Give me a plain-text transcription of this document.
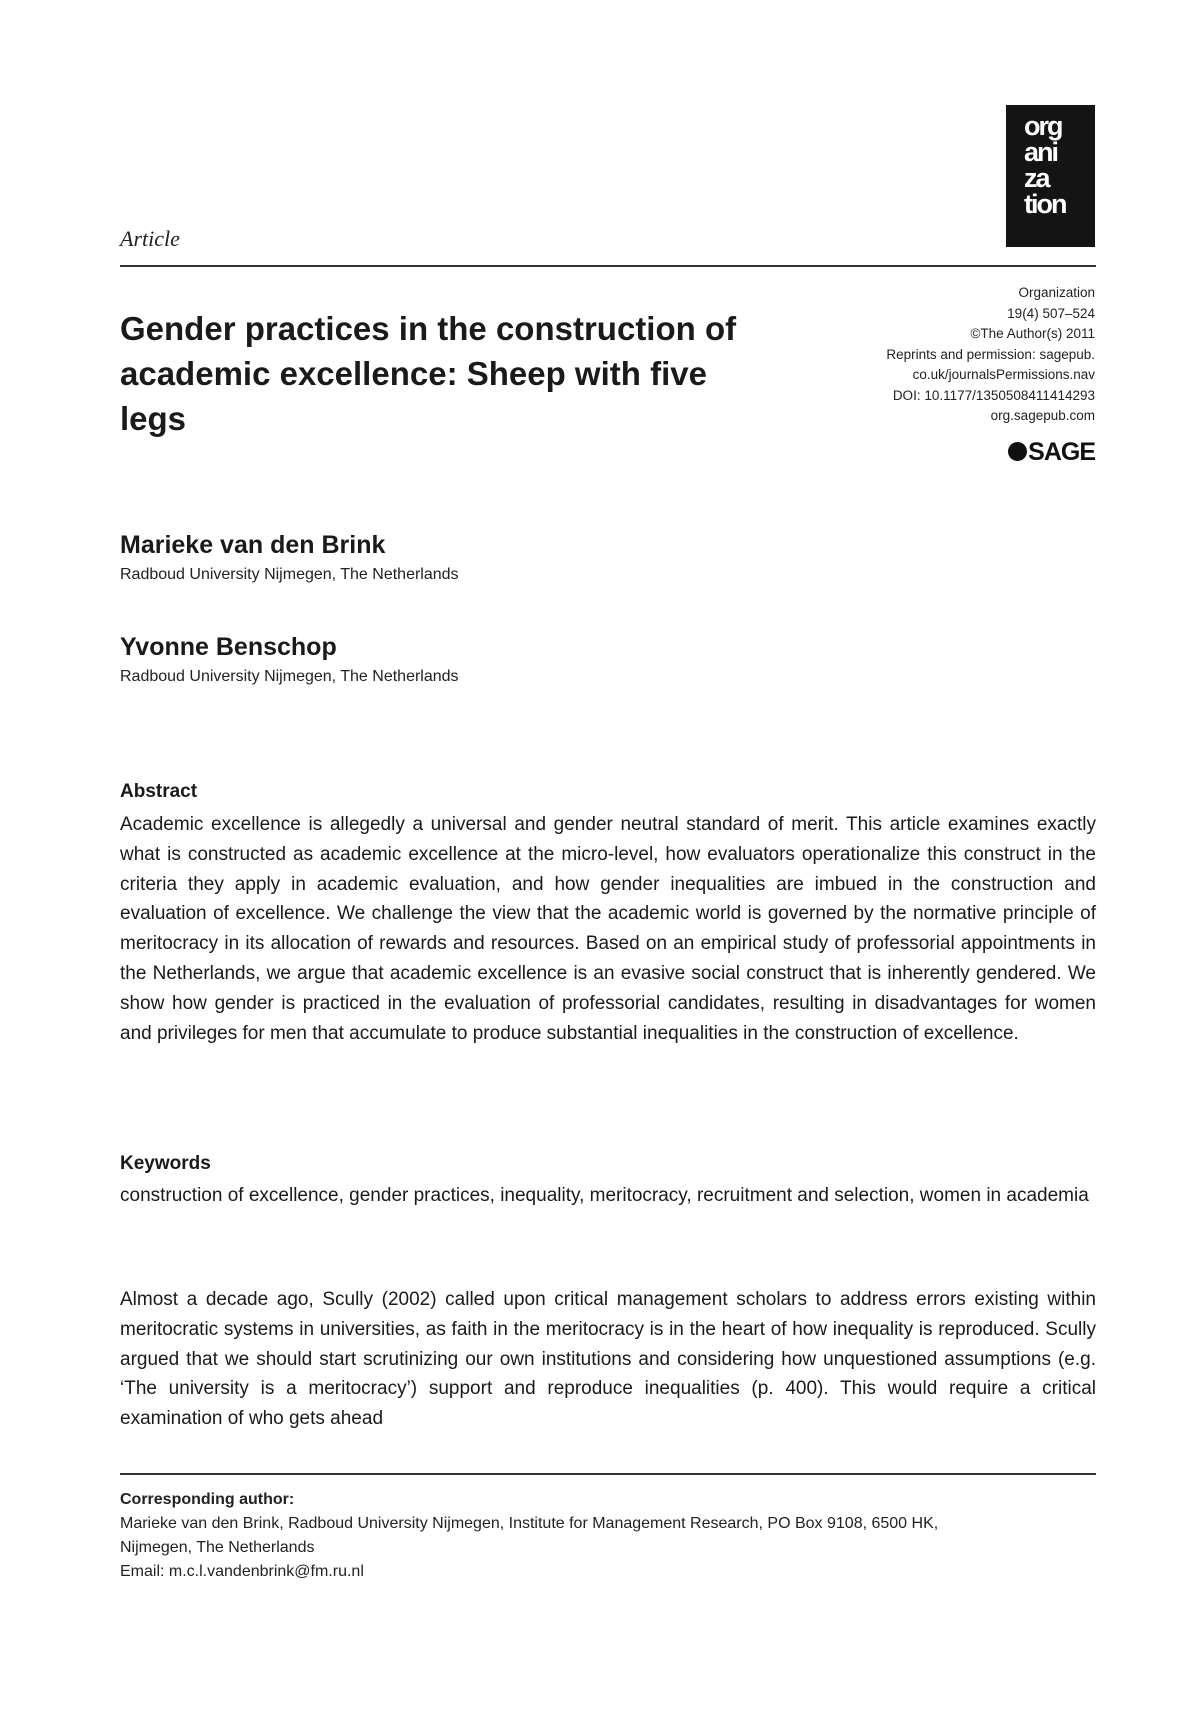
org
ani
za
tion
Article
Organization
19(4) 507–524
©The Author(s) 2011
Reprints and permission: sagepub.
co.uk/journalsPermissions.nav
DOI: 10.1177/1350508411414293
org.sagepub.com
SAGE
Gender practices in the construction of academic excellence: Sheep with five legs
Marieke van den Brink
Radboud University Nijmegen, The Netherlands
Yvonne Benschop
Radboud University Nijmegen, The Netherlands
Abstract

Academic excellence is allegedly a universal and gender neutral standard of merit. This article examines exactly what is constructed as academic excellence at the micro-level, how evaluators operationalize this construct in the criteria they apply in academic evaluation, and how gender inequalities are imbued in the construction and evaluation of excellence. We challenge the view that the academic world is governed by the normative principle of meritocracy in its allocation of rewards and resources. Based on an empirical study of professorial appointments in the Netherlands, we argue that academic excellence is an evasive social construct that is inherently gendered. We show how gender is practiced in the evaluation of professorial candidates, resulting in disadvantages for women and privileges for men that accumulate to produce substantial inequalities in the construction of excellence.

Keywords

construction of excellence, gender practices, inequality, meritocracy, recruitment and selection, women in academia

Almost a decade ago, Scully (2002) called upon critical management scholars to address errors existing within meritocratic systems in universities, as faith in the meritocracy is in the heart of how inequality is reproduced. Scully argued that we should start scrutinizing our own institutions and considering how unquestioned assumptions (e.g. ‘The university is a meritocracy’) support and reproduce inequalities (p. 400). This would require a critical examination of who gets ahead

Corresponding author:
Marieke van den Brink, Radboud University Nijmegen, Institute for Management Research, PO Box 9108, 6500 HK,
Nijmegen, The Netherlands
Email: m.c.l.vandenbrink@fm.ru.nl
